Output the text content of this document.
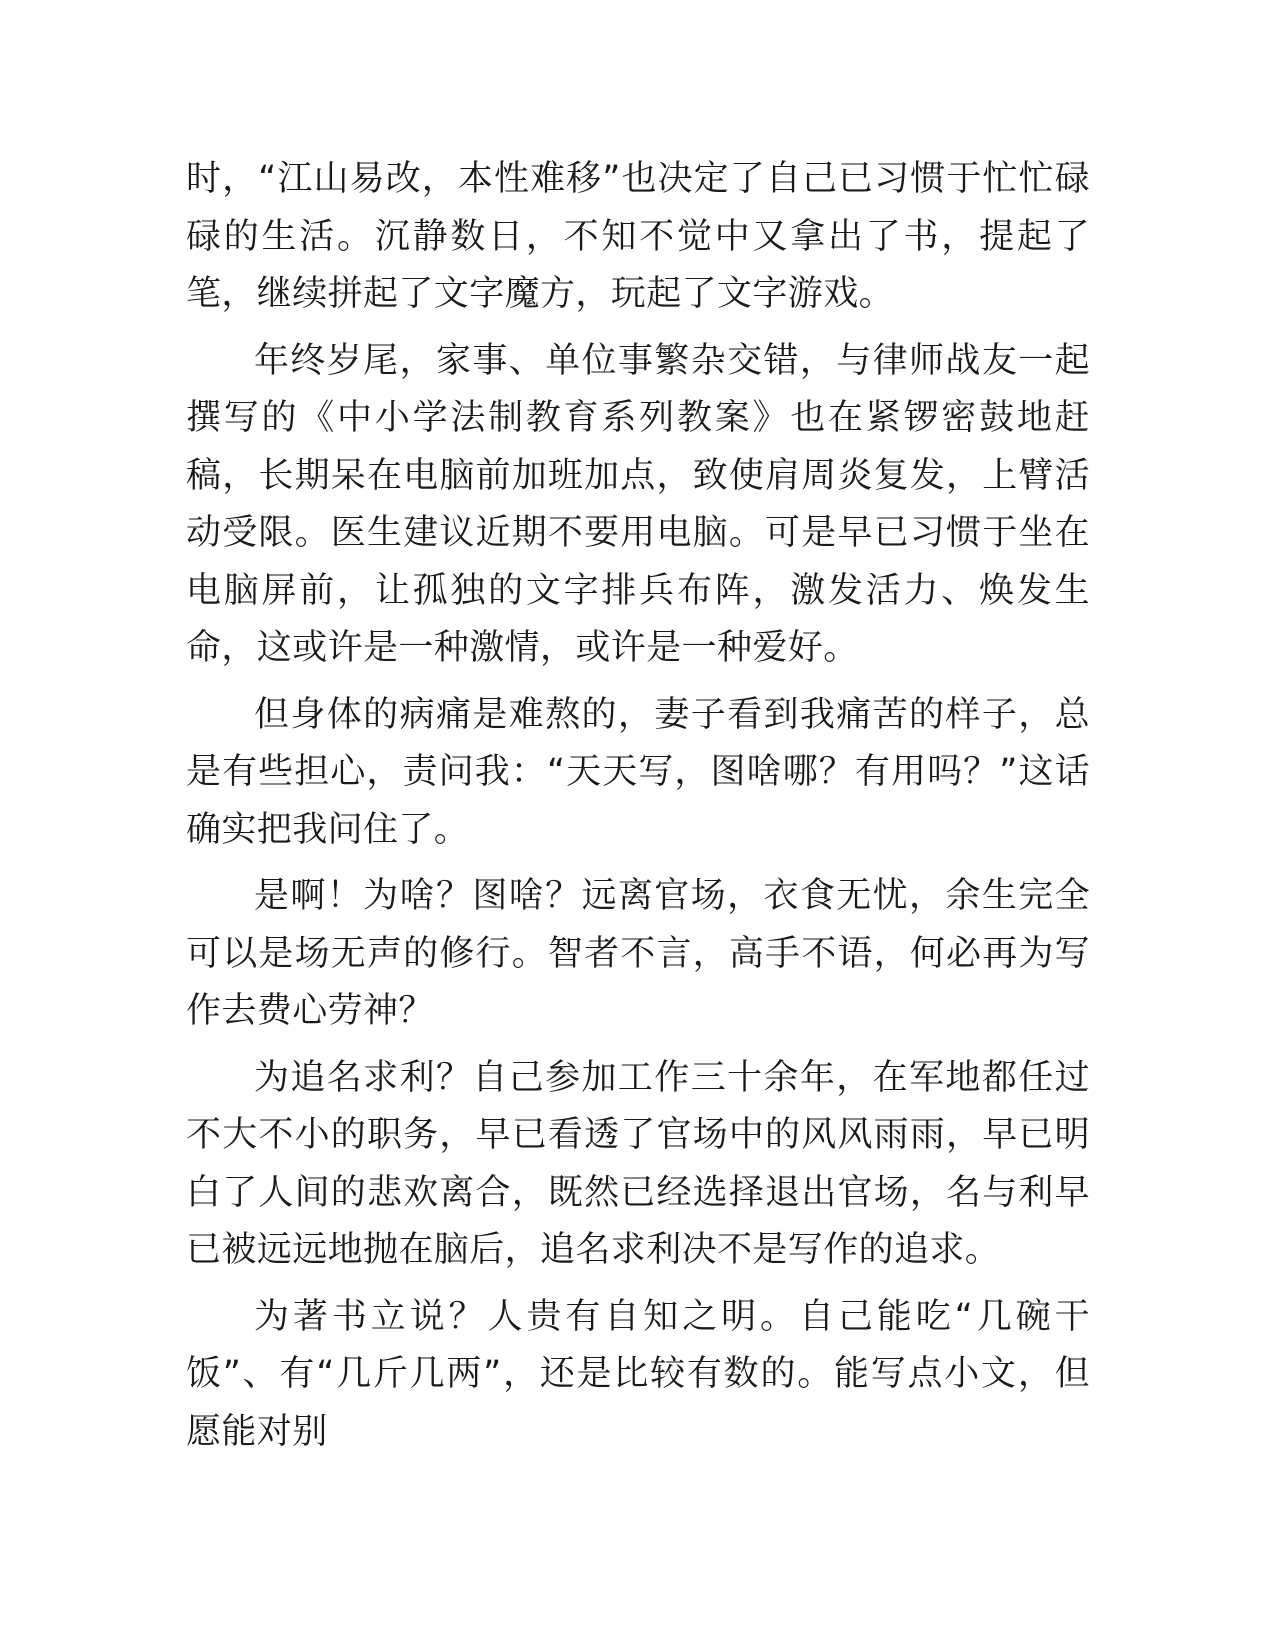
时，“江山易改，本性难移”也决定了自己已习惯于忙忙碌碌的生活。沉静数日，不知不觉中又拿出了书，提起了笔，继续拼起了文字魔方，玩起了文字游戏。

年终岁尾，家事、单位事繁杂交错，与律师战友一起撰写的《中小学法制教育系列教案》也在紧锣密鼓地赶稿，长期呆在电脑前加班加点，致使肩周炎复发，上臂活动受限。医生建议近期不要用电脑。可是早已习惯于坐在电脑屏前，让孤独的文字排兵布阵，激发活力、焕发生命，这或许是一种激情，或许是一种爱好。

但身体的病痛是难熬的，妻子看到我痛苦的样子，总是有些担心，责问我：“天天写，图啥哪？有用吗？”这话确实把我问住了。

是啊！为啥？图啥？远离官场，衣食无忧，余生完全可以是场无声的修行。智者不言，高手不语，何必再为写作去费心劳神？

为追名求利？自己参加工作三十余年，在军地都任过不大不小的职务，早已看透了官场中的风风雨雨，早已明白了人间的悲欢离合，既然已经选择退出官场，名与利早已被远远地抛在脑后，追名求利决不是写作的追求。

为著书立说？人贵有自知之明。自己能吃“几碗干饭”、有“几斤几两”，还是比较有数的。能写点小文，但愿能对别
